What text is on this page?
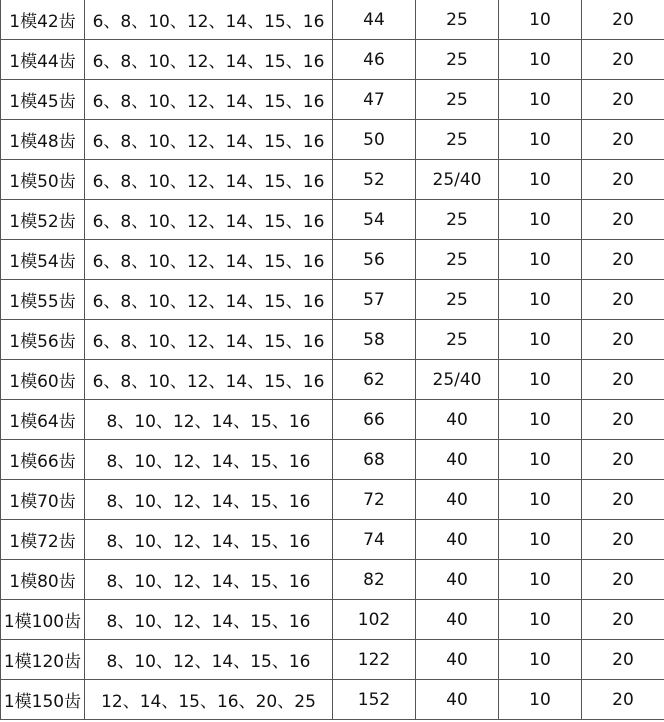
1模42齿	6、8、10、12、14、15、16	44	25	10	20
1模44齿	6、8、10、12、14、15、16	46	25	10	20
1模45齿	6、8、10、12、14、15、16	47	25	10	20
1模48齿	6、8、10、12、14、15、16	50	25	10	20
1模50齿	6、8、10、12、14、15、16	52	25/40	10	20
1模52齿	6、8、10、12、14、15、16	54	25	10	20
1模54齿	6、8、10、12、14、15、16	56	25	10	20
1模55齿	6、8、10、12、14、15、16	57	25	10	20
1模56齿	6、8、10、12、14、15、16	58	25	10	20
1模60齿	6、8、10、12、14、15、16	62	25/40	10	20
1模64齿	8、10、12、14、15、16	66	40	10	20
1模66齿	8、10、12、14、15、16	68	40	10	20
1模70齿	8、10、12、14、15、16	72	40	10	20
1模72齿	8、10、12、14、15、16	74	40	10	20
1模80齿	8、10、12、14、15、16	82	40	10	20
1模100齿	8、10、12、14、15、16	102	40	10	20
1模120齿	8、10、12、14、15、16	122	40	10	20
1模150齿	12、14、15、16、20、25	152	40	10	20
